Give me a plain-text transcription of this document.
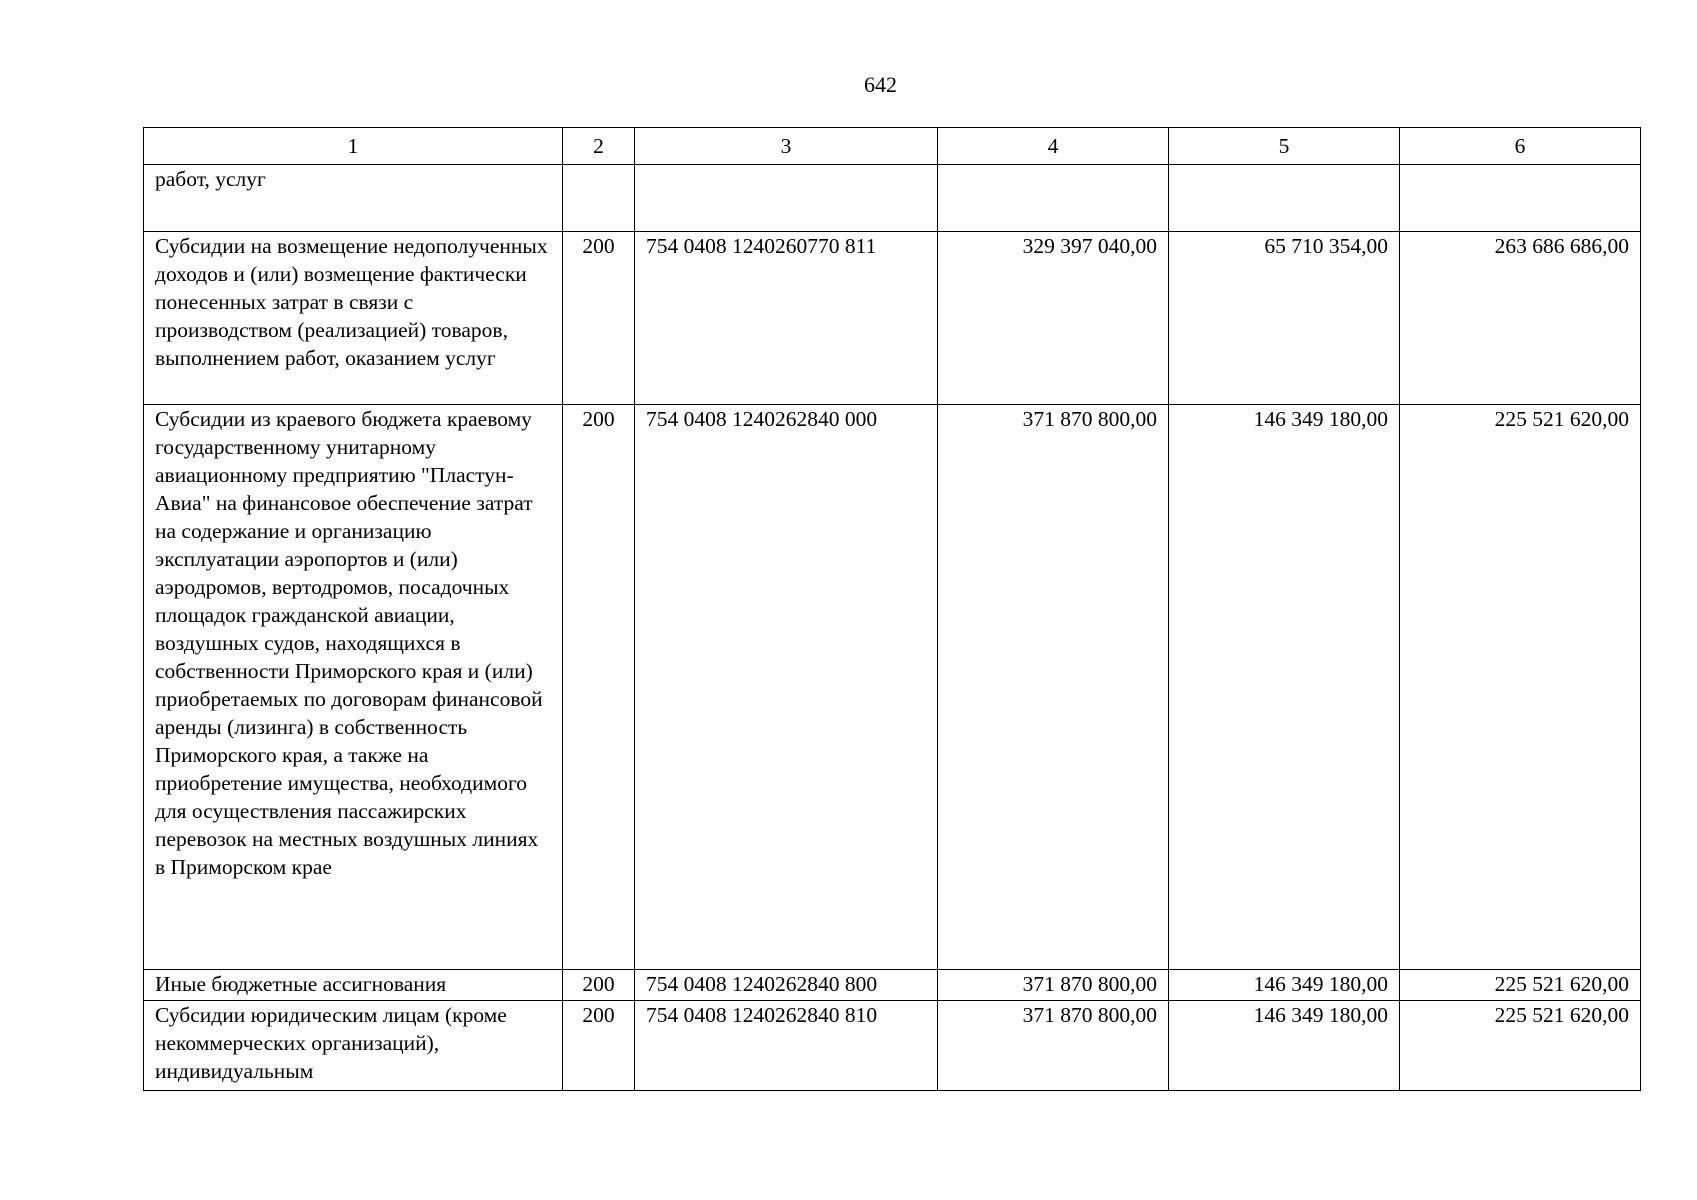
642
1	2	3	4	5	6
работ, услуг					
Субсидии на возмещение недополученных доходов и (или) возмещение фактически понесенных затрат в связи с производством (реализацией) товаров, выполнением работ, оказанием услуг	200	754 0408 1240260770 811	329 397 040,00	65 710 354,00	263 686 686,00
Субсидии из краевого бюджета краевому государственному унитарному авиационному предприятию "Пластун-Авиа" на финансовое обеспечение затрат на содержание и организацию эксплуатации аэропортов и (или) аэродромов, вертодромов, посадочных площадок гражданской авиации, воздушных судов, находящихся в собственности Приморского края и (или) приобретаемых по договорам финансовой аренды (лизинга) в собственность Приморского края, а также на приобретение имущества, необходимого для осуществления пассажирских перевозок на местных воздушных линиях в Приморском крае	200	754 0408 1240262840 000	371 870 800,00	146 349 180,00	225 521 620,00
Иные бюджетные ассигнования	200	754 0408 1240262840 800	371 870 800,00	146 349 180,00	225 521 620,00
Субсидии юридическим лицам (кроме некоммерческих организаций), индивидуальным	200	754 0408 1240262840 810	371 870 800,00	146 349 180,00	225 521 620,00
